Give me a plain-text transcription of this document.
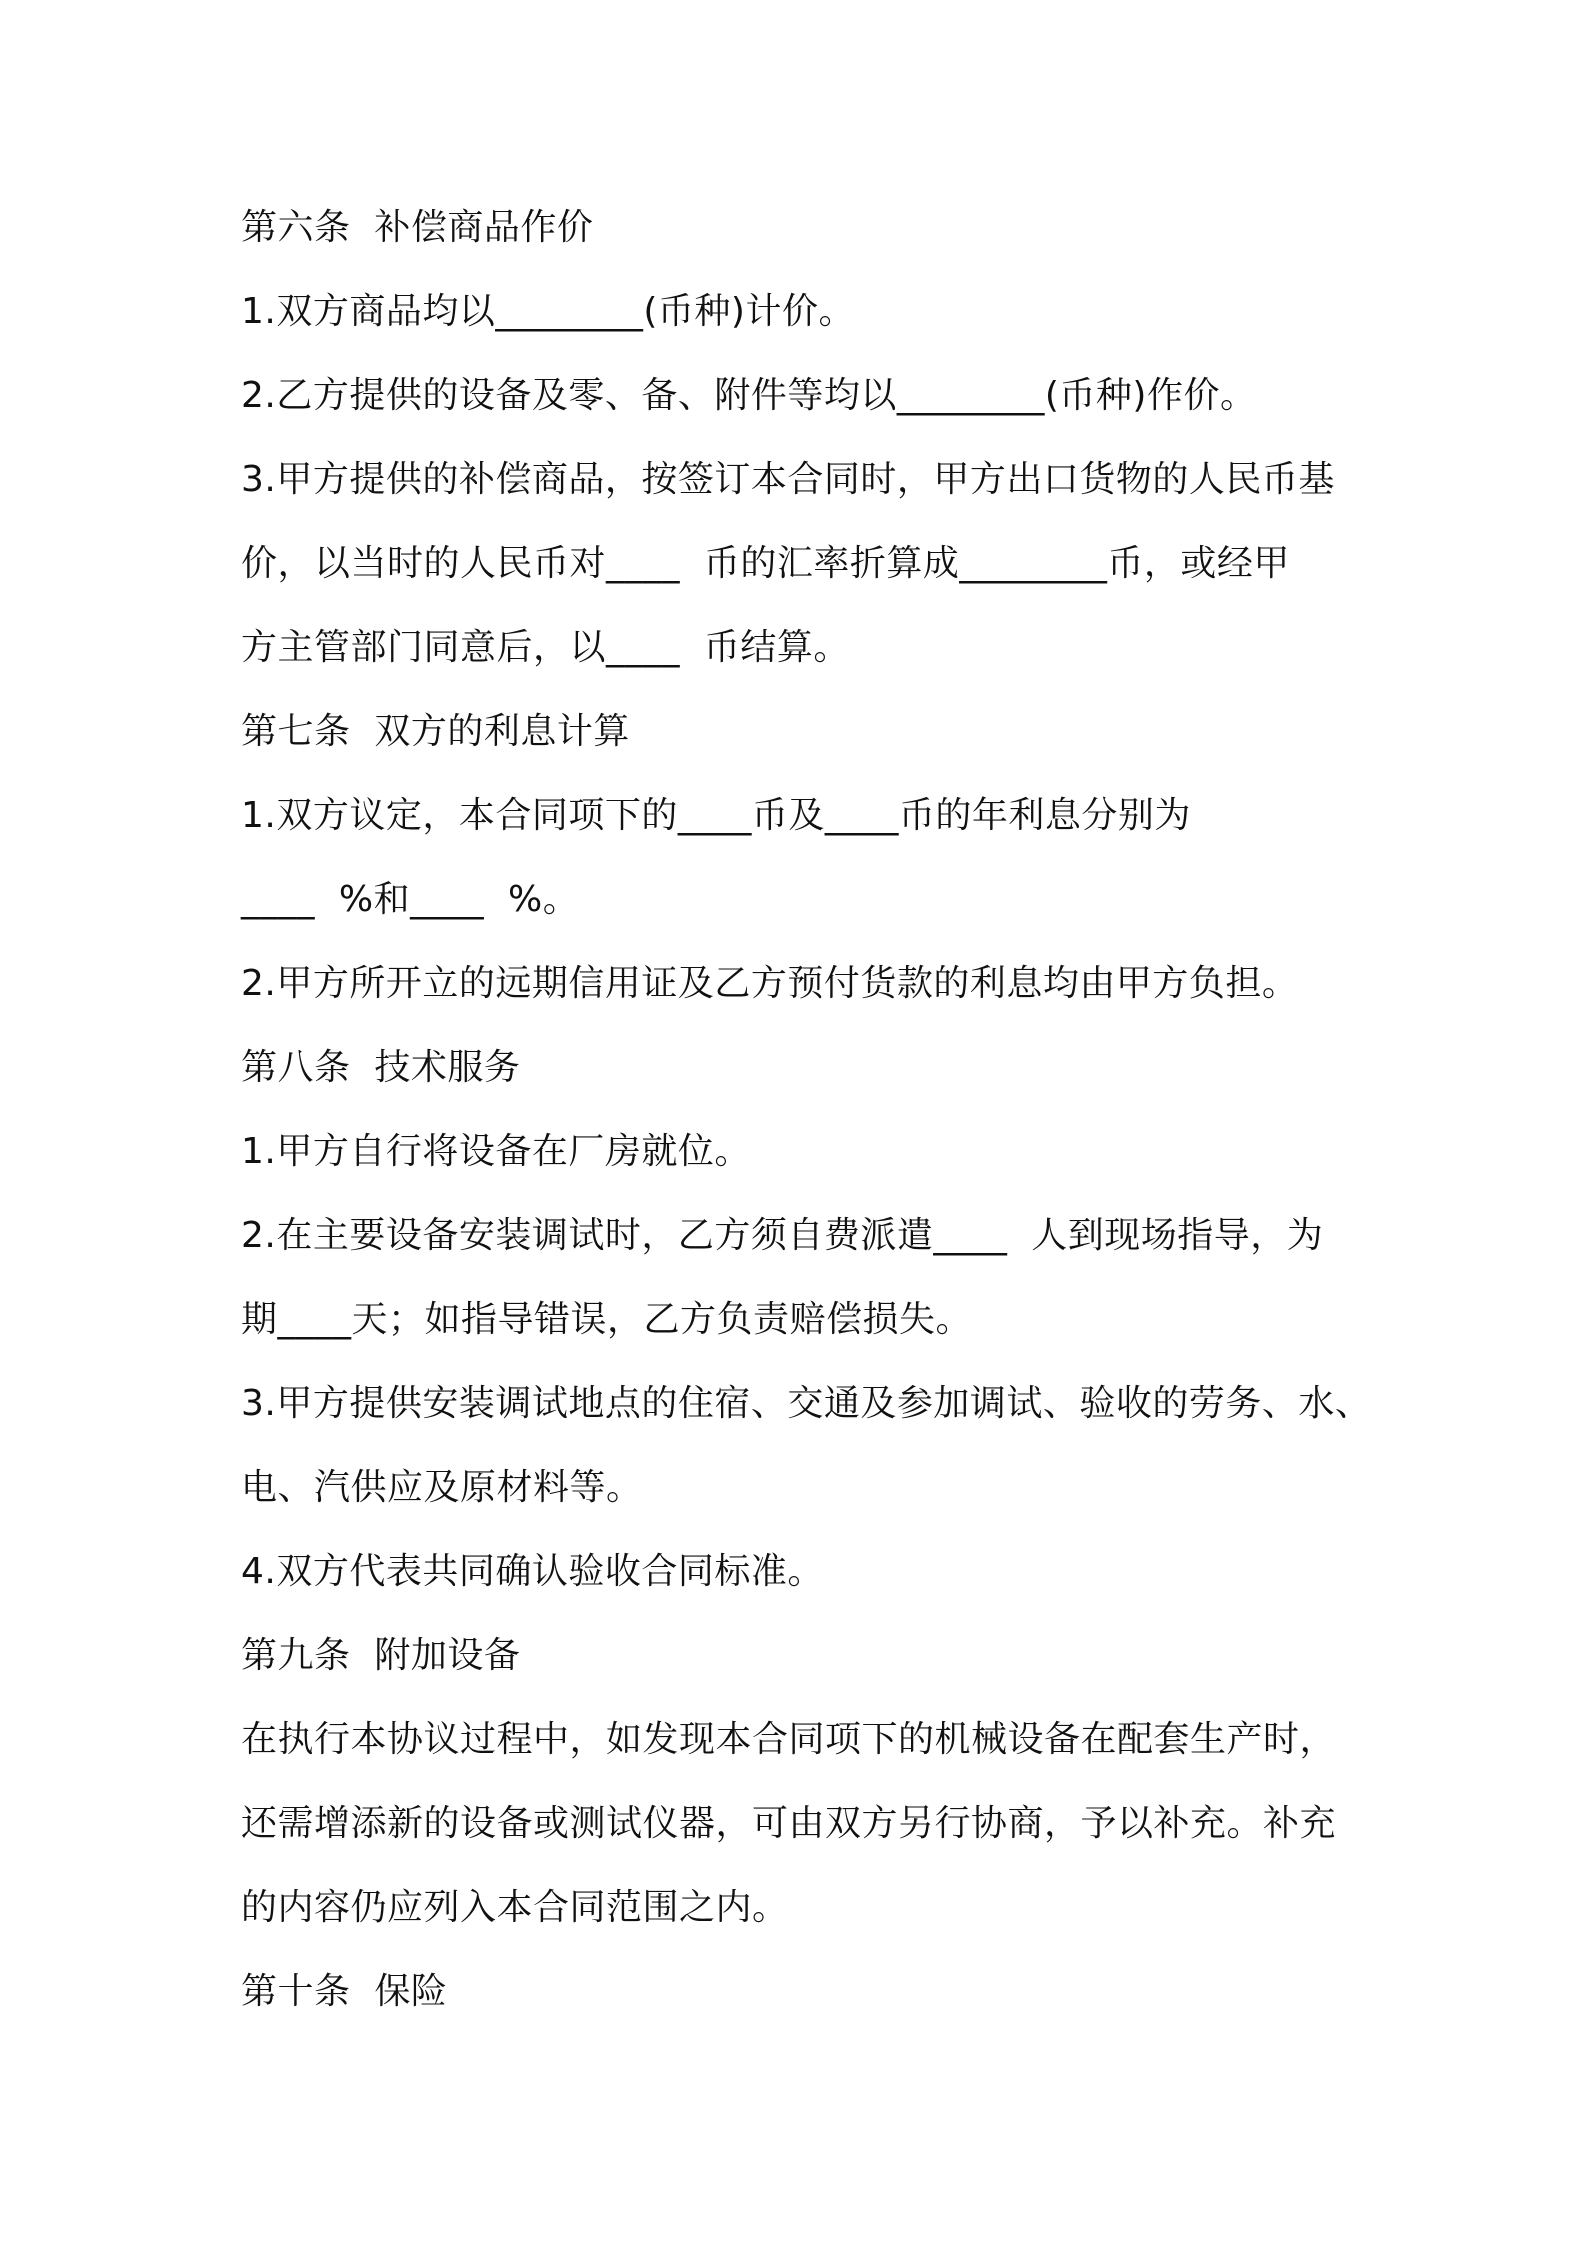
第六条  补偿商品作价
1.双方商品均以________(币种)计价。
2.乙方提供的设备及零、备、附件等均以________(币种)作价。
3.甲方提供的补偿商品，按签订本合同时，甲方出口货物的人民币基
价，以当时的人民币对____  币的汇率折算成________币，或经甲
方主管部门同意后，以____  币结算。
第七条  双方的利息计算
1.双方议定，本合同项下的____币及____币的年利息分别为
____  %和____  %。
2.甲方所开立的远期信用证及乙方预付货款的利息均由甲方负担。
第八条  技术服务
1.甲方自行将设备在厂房就位。
2.在主要设备安装调试时，乙方须自费派遣____  人到现场指导，为
期____天；如指导错误，乙方负责赔偿损失。
3.甲方提供安装调试地点的住宿、交通及参加调试、验收的劳务、水、
电、汽供应及原材料等。
4.双方代表共同确认验收合同标准。
第九条  附加设备
在执行本协议过程中，如发现本合同项下的机械设备在配套生产时，
还需增添新的设备或测试仪器，可由双方另行协商，予以补充。补充
的内容仍应列入本合同范围之内。
第十条  保险
